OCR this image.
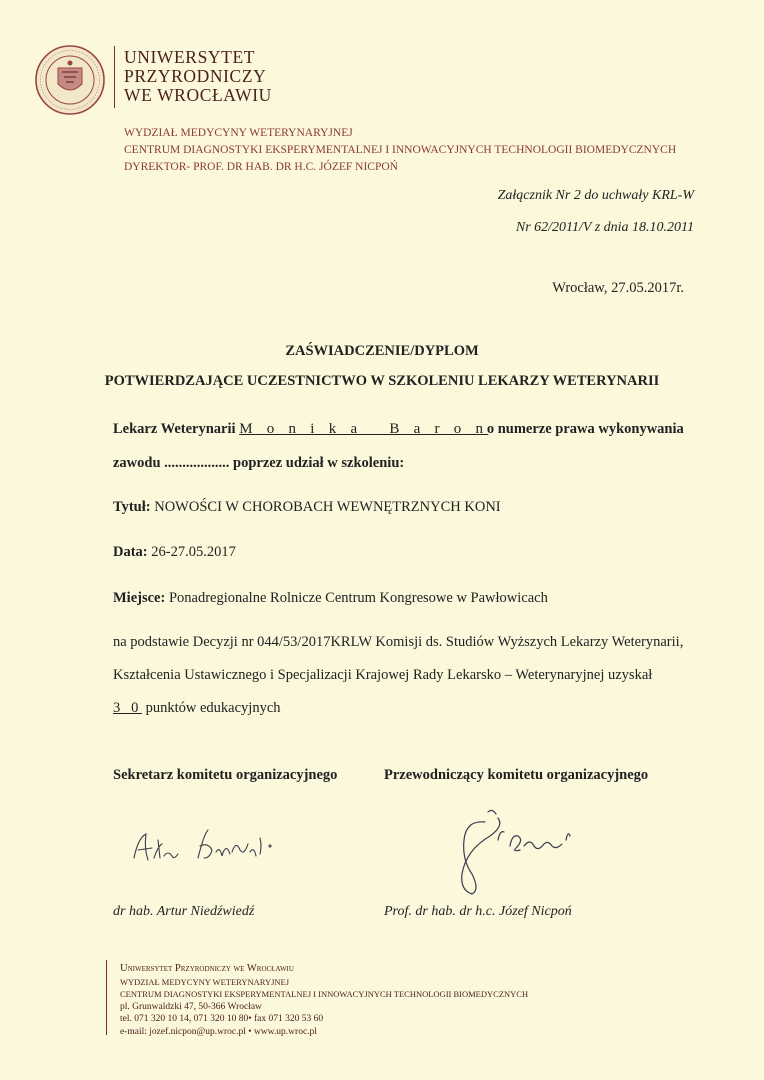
UNIWERSYTET
PRZYRODNICZY
WE WROCŁAWIU
WYDZIAŁ MEDYCYNY WETERYNARYJNEJ
CENTRUM DIAGNOSTYKI EKSPERYMENTALNEJ I INNOWACYJNYCH TECHNOLOGII BIOMEDYCZNYCH
DYREKTOR- PROF. DR HAB. DR H.C. JÓZEF NICPOŃ
Załącznik Nr 2 do uchwały KRL-W
Nr 62/2011/V z dnia 18.10.2011
Wrocław, 27.05.2017r.
ZAŚWIADCZENIE/DYPLOM
POTWIERDZAJĄCE UCZESTNICTWO W SZKOLENIU LEKARZY WETERYNARII
Lekarz Weterynarii M o n i k a   B a r o n o numerze prawa wykonywania
zawodu .................. poprzez udział w szkoleniu:
Tytuł: NOWOŚCI W CHOROBACH WEWNĘTRZNYCH KONI
Data: 26-27.05.2017
Miejsce: Ponadregionalne Rolnicze Centrum Kongresowe w Pawłowicach
na podstawie Decyzji nr 044/53/2017KRLW Komisji ds. Studiów Wyższych Lekarzy Weterynarii,
Kształcenia Ustawicznego i Specjalizacji Krajowej Rady Lekarsko – Weterynaryjnej uzyskał
3 0 punktów edukacyjnych
Sekretarz komitetu organizacyjnego	Przewodniczący komitetu organizacyjnego
dr hab. Artur Niedźwiedź	Prof. dr hab. dr h.c. Józef Nicpoń
Uniwersytet Przyrodniczy we Wrocławiu
WYDZIAŁ MEDYCYNY WETERYNARYJNEJ
CENTRUM DIAGNOSTYKI EKSPERYMENTALNEJ I INNOWACYJNYCH TECHNOLOGII BIOMEDYCZNYCH
pl. Grunwaldzki 47, 50-366 Wrocław
tel. 071 320 10 14, 071 320 10 80• fax 071 320 53 60
e-mail: jozef.nicpon@up.wroc.pl • www.up.wroc.pl
